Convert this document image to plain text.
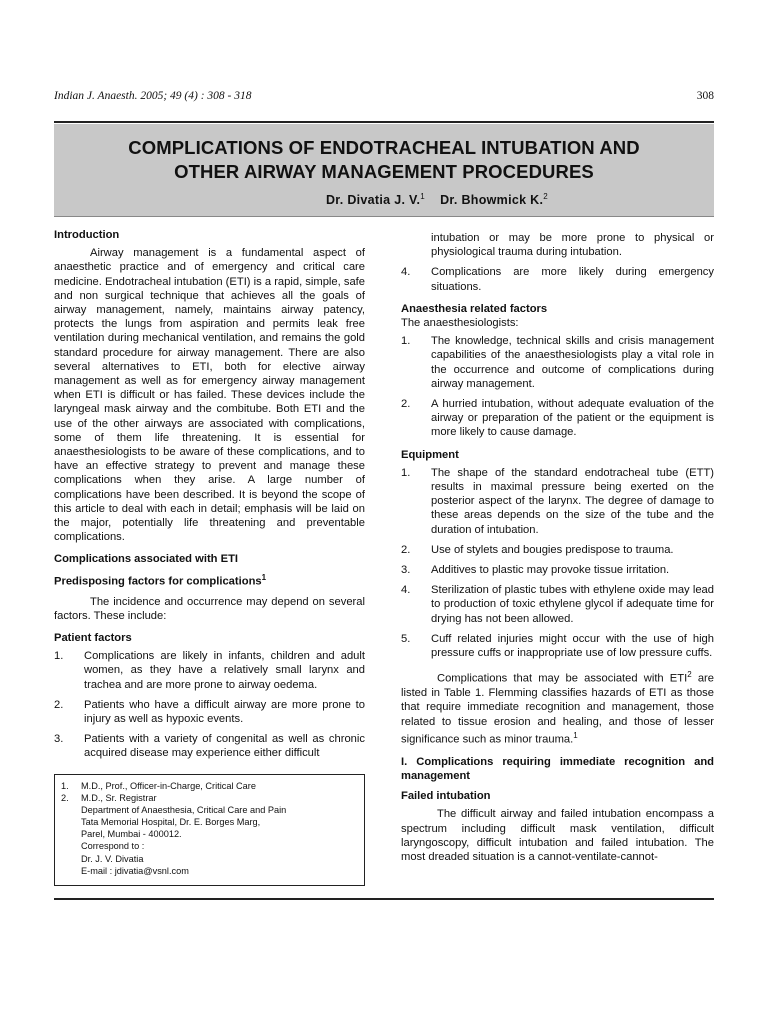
Indian J. Anaesth. 2005; 49 (4) : 308 - 318	308
COMPLICATIONS OF ENDOTRACHEAL INTUBATION AND
OTHER AIRWAY MANAGEMENT PROCEDURES
Dr. Divatia J. V.$^1$ Dr. Bhowmick K.$^2$

Introduction

Airway management is a fundamental aspect of anaesthetic practice and of emergency and critical care medicine. Endotracheal intubation (ETI) is a rapid, simple, safe and non surgical technique that achieves all the goals of airway management, namely, maintains airway patency, protects the lungs from aspiration and permits leak free ventilation during mechanical ventilation, and remains the gold standard procedure for airway management. There are also several alternatives to ETI, both for elective airway management as well as for emergency airway management when ETI is difficult or has failed. These devices include the laryngeal mask airway and the combitube. Both ETI and the use of the other airways are associated with complications, some of them life threatening. It is essential for anaesthesiologists to be aware of these complications, and to have an effective strategy to prevent and manage these complications when they arise. A large number of complications have been described. It is beyond the scope of this article to deal with each in detail; emphasis will be laid on the major, potentially life threatening and preventable complications.

Complications associated with ETI

Predisposing factors for complications$^1$

The incidence and occurrence may depend on several factors. These include:

Patient factors

1.	Complications are likely in infants, children and adult women, as they have a relatively small larynx and trachea and are more prone to airway oedema.
2.	Patients who have a difficult airway are more prone to injury as well as hypoxic events.
3.	Patients with a variety of congenital as well as chronic acquired disease may experience either difficult
intubation or may be more prone to physical or physiological trauma during intubation.
4.	Complications are more likely during emergency situations.

Anaesthesia related factors

The anaesthesiologists:

1.	The knowledge, technical skills and crisis management capabilities of the anaesthesiologists play a vital role in the occurrence and outcome of complications during airway management.
2.	A hurried intubation, without adequate evaluation of the airway or preparation of the patient or the equipment is more likely to cause damage.

Equipment

1.	The shape of the standard endotracheal tube (ETT) results in maximal pressure being exerted on the posterior aspect of the larynx. The degree of damage to these areas depends on the size of the tube and the duration of intubation.
2.	Use of stylets and bougies predispose to trauma.
3.	Additives to plastic may provoke tissue irritation.
4.	Sterilization of plastic tubes with ethylene oxide may lead to production of toxic ethylene glycol if adequate time for drying has not been allowed.
5.	Cuff related injuries might occur with the use of high pressure cuffs or inappropriate use of low pressure cuffs.

Complications that may be associated with ETI$^2$ are listed in Table 1. Flemming classifies hazards of ETI as those that require immediate recognition and management, those related to tissue erosion and healing, and those of lesser significance such as minor trauma.$^1$

I. Complications requiring immediate recognition and management

Failed intubation

The difficult airway and failed intubation encompass a spectrum including difficult mask ventilation, difficult laryngoscopy, difficult intubation and failed intubation. The most dreaded situation is a cannot-ventilate-cannot-

1.	M.D., Prof., Officer-in-Charge, Critical Care
2.	M.D., Sr. Registrar
Department of Anaesthesia, Critical Care and Pain
Tata Memorial Hospital, Dr. E. Borges Marg,
Parel, Mumbai - 400012.
Correspond to :
Dr. J. V. Divatia
E-mail : jdivatia@vsnl.com
